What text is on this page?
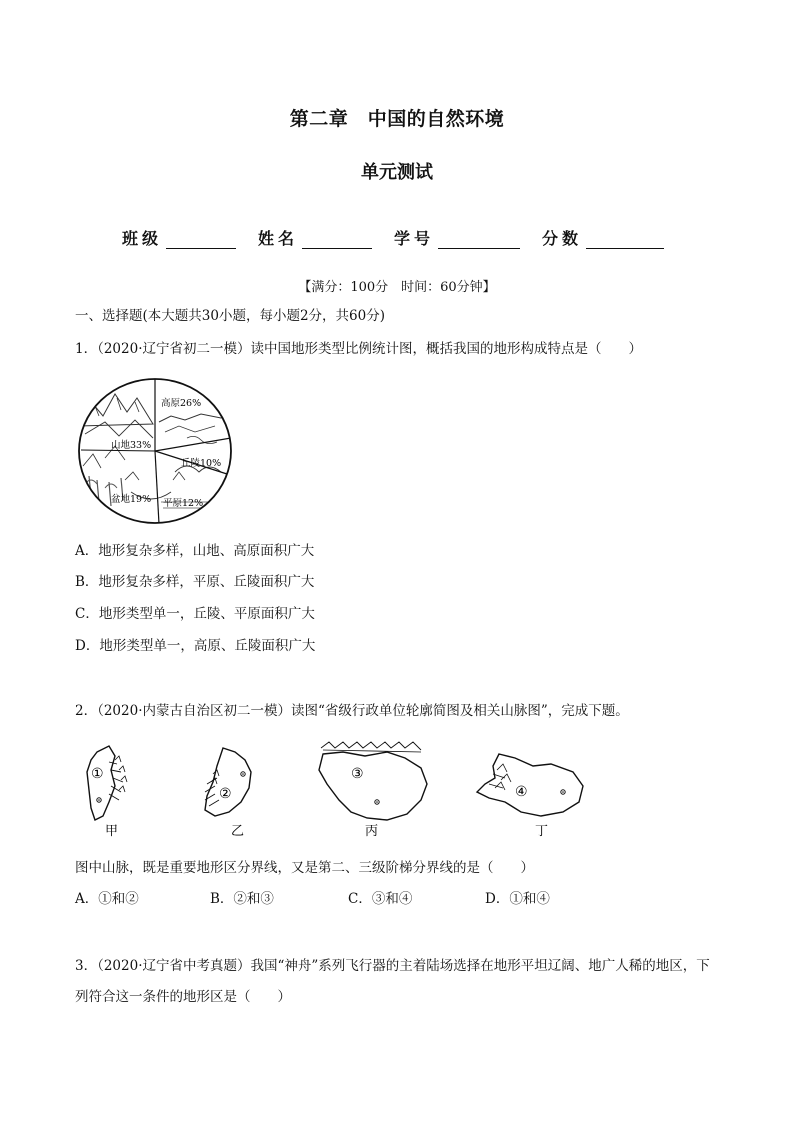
第二章　中国的自然环境
单元测试
班级	姓名	学号	分数
【满分：100分　时间：60分钟】
一、选择题(本大题共30小题，每小题2分，共60分)
1．（2020·辽宁省初二一模）读中国地形类型比例统计图，概括我国的地形构成特点是（　　）
高原26%
山地33%
丘陵10%
盆地19% 平原12%
A．地形复杂多样，山地、高原面积广大
B．地形复杂多样，平原、丘陵面积广大
C．地形类型单一，丘陵、平原面积广大
D．地形类型单一，高原、丘陵面积广大
2．（2020·内蒙古自治区初二一模）读图“省级行政单位轮廓简图及相关山脉图”，完成下题。
①
甲
②
乙
③
丙
④
丁
图中山脉，既是重要地形区分界线，又是第二、三级阶梯分界线的是（　　）
A．①和②	B．②和③	C．③和④	D．①和④
3．（2020·辽宁省中考真题）我国“神舟”系列飞行器的主着陆场选择在地形平坦辽阔、地广人稀的地区，下
列符合这一条件的地形区是（　　）
